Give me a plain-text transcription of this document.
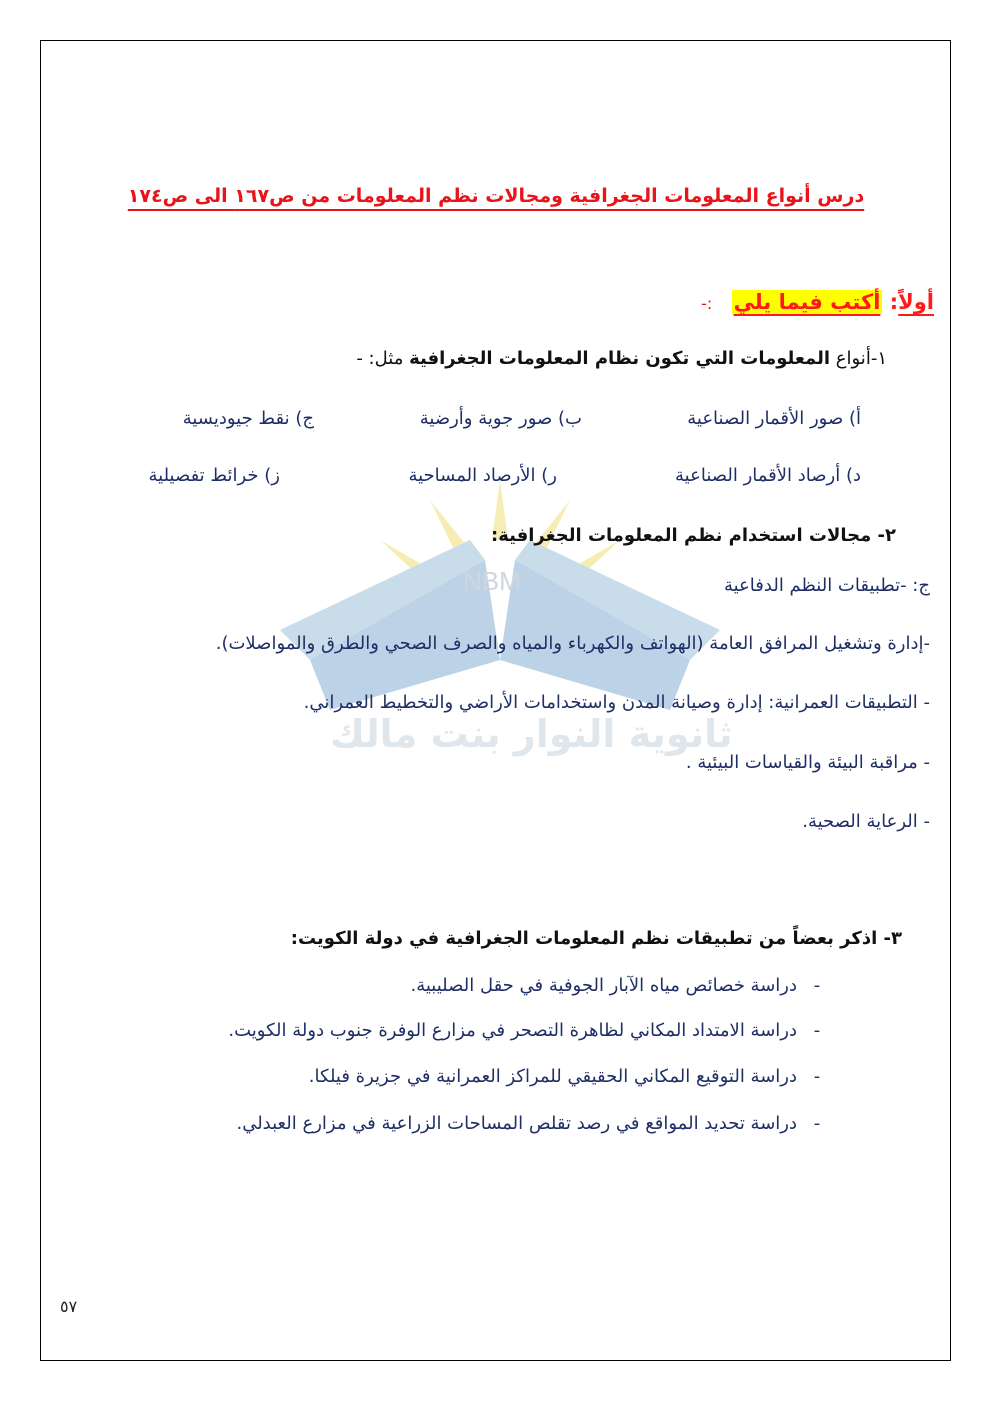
NBM
ثانوية النوار بنت مالك
درس أنواع المعلومات الجغرافية ومجالات نظم المعلومات من ص١٦٧ الى ص١٧٤
أولاً: أكتب فيما يلي :-
١-أنواع المعلومات التي تكون نظام المعلومات الجغرافية مثل: -
أ) صور الأقمار الصناعية
ب) صور جوية وأرضية
ج) نقط جيوديسية
د) أرصاد الأقمار الصناعية
ر) الأرصاد المساحية
ز) خرائط تفصيلية
٢- مجالات استخدام نظم المعلومات الجغرافية:
ج: -تطبيقات النظم الدفاعية
-إدارة وتشغيل المرافق العامة (الهواتف والكهرباء والمياه والصرف الصحي والطرق والمواصلات).
- التطبيقات العمرانية: إدارة وصيانة المدن واستخدامات الأراضي والتخطيط العمراني.
- مراقبة البيئة والقياسات البيئية .
- الرعاية الصحية.
٣- اذكر بعضاً من تطبيقات نظم المعلومات الجغرافية في دولة الكويت:
-دراسة خصائص مياه الآبار الجوفية في حقل الصليبية.
-دراسة الامتداد المكاني لظاهرة التصحر في مزارع الوفرة جنوب دولة الكويت.
-دراسة التوقيع المكاني الحقيقي للمراكز العمرانية في جزيرة فيلكا.
-دراسة تحديد المواقع في رصد تقلص المساحات الزراعية في مزارع العبدلي.
٥٧
